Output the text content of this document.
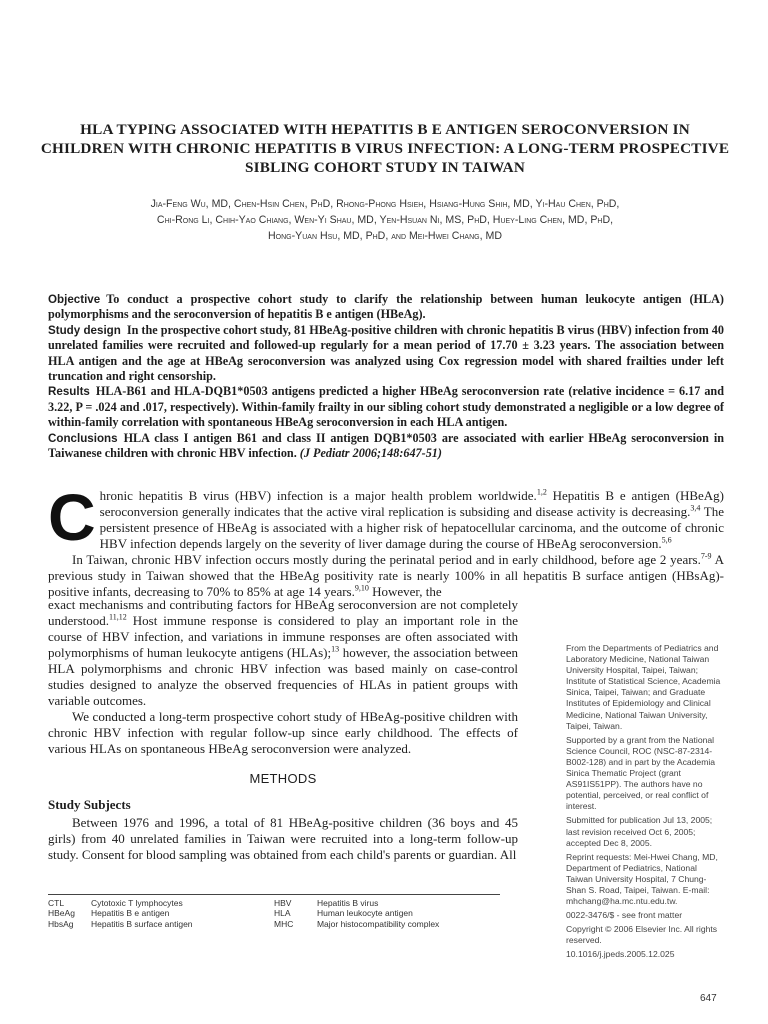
HLA TYPING ASSOCIATED WITH HEPATITIS B E ANTIGEN SEROCONVERSION IN CHILDREN WITH CHRONIC HEPATITIS B VIRUS INFECTION: A LONG-TERM PROSPECTIVE SIBLING COHORT STUDY IN TAIWAN
Jia-Feng Wu, MD, Chen-Hsin Chen, PhD, Rhong-Phong Hsieh, Hsiang-Hung Shih, MD, Yi-Hau Chen, PhD,
Chi-Rong Li, Chih-Yao Chiang, Wen-Yi Shau, MD, Yen-Hsuan Ni, MS, PhD, Huey-Ling Chen, MD, PhD,
Hong-Yuan Hsu, MD, PhD, and Mei-Hwei Chang, MD

Objective To conduct a prospective cohort study to clarify the relationship between human leukocyte antigen (HLA) polymorphisms and the seroconversion of hepatitis B e antigen (HBeAg).

Study design In the prospective cohort study, 81 HBeAg-positive children with chronic hepatitis B virus (HBV) infection from 40 unrelated families were recruited and followed-up regularly for a mean period of 17.70 ± 3.23 years. The association between HLA antigen and the age at HBeAg seroconversion was analyzed using Cox regression model with shared frailties under left truncation and right censorship.

Results HLA-B61 and HLA-DQB1*0503 antigens predicted a higher HBeAg seroconversion rate (relative incidence = 6.17 and 3.22, P = .024 and .017, respectively). Within-family frailty in our sibling cohort study demonstrated a negligible or a low degree of within-family correlation with spontaneous HBeAg seroconversion in each HLA antigen.

Conclusions HLA class I antigen B61 and class II antigen DQB1*0503 are associated with earlier HBeAg seroconversion in Taiwanese children with chronic HBV infection. (J Pediatr 2006;148:647-51)

Chronic hepatitis B virus (HBV) infection is a major health problem worldwide.$^{1,2}$ Hepatitis B e antigen (HBeAg) seroconversion generally indicates that the active viral replication is subsiding and disease activity is decreasing.$^{3,4}$ The persistent presence of HBeAg is associated with a higher risk of hepatocellular carcinoma, and the outcome of chronic HBV infection depends largely on the severity of liver damage during the course of HBeAg seroconversion.$^{5,6}$

In Taiwan, chronic HBV infection occurs mostly during the perinatal period and in early childhood, before age 2 years.$^{7-9}$ A previous study in Taiwan showed that the HBeAg positivity rate is nearly 100% in all hepatitis B surface antigen (HBsAg)-positive infants, decreasing to 70% to 85% at age 14 years.$^{9,10}$ However, the

exact mechanisms and contributing factors for HBeAg seroconversion are not completely understood.$^{11,12}$ Host immune response is considered to play an important role in the course of HBV infection, and variations in immune responses are often associated with polymorphisms of human leukocyte antigens (HLAs);$^{13}$ however, the association between HLA polymorphisms and chronic HBV infection was based mainly on case-control studies designed to analyze the observed frequencies of HLAs in patient groups with variable outcomes.

We conducted a long-term prospective cohort study of HBeAg-positive children with chronic HBV infection with regular follow-up since early childhood. The effects of various HLAs on spontaneous HBeAg seroconversion were analyzed.

METHODS
Study Subjects

Between 1976 and 1996, a total of 81 HBeAg-positive children (36 boys and 45 girls) from 40 unrelated families in Taiwan were recruited into a long-term follow-up study. Consent for blood sampling was obtained from each child's parents or guardian. All

From the Departments of Pediatrics and Laboratory Medicine, National Taiwan University Hospital, Taipei, Taiwan; Institute of Statistical Science, Academia Sinica, Taipei, Taiwan; and Graduate Institutes of Epidemiology and Clinical Medicine, National Taiwan University, Taipei, Taiwan.

Supported by a grant from the National Science Council, ROC (NSC-87-2314-B002-128) and in part by the Academia Sinica Thematic Project (grant AS91IS51PP). The authors have no potential, perceived, or real conflict of interest.

Submitted for publication Jul 13, 2005; last revision received Oct 6, 2005; accepted Dec 8, 2005.

Reprint requests: Mei-Hwei Chang, MD, Department of Pediatrics, National Taiwan University Hospital, 7 Chung-Shan S. Road, Taipei, Taiwan. E-mail: mhchang@ha.mc.ntu.edu.tw.

0022-3476/$ - see front matter

Copyright © 2006 Elsevier Inc. All rights reserved.

10.1016/j.jpeds.2005.12.025

CTL	Cytotoxic T lymphocytes	HBV	Hepatitis B virus
HBeAg	Hepatitis B e antigen	HLA	Human leukocyte antigen
HbsAg	Hepatitis B surface antigen	MHC	Major histocompatibility complex
647
